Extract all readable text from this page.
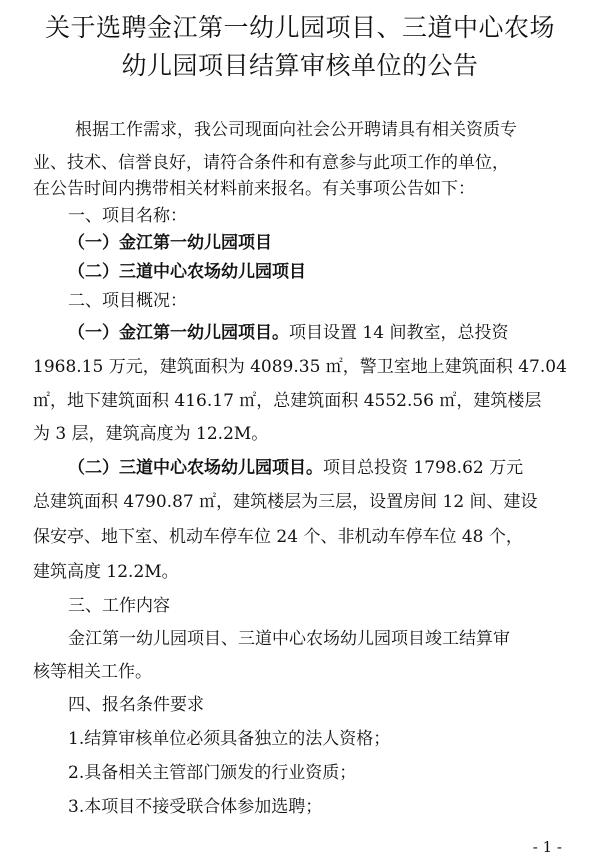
关于选聘金江第一幼儿园项目、三道中心农场
幼儿园项目结算审核单位的公告
根据工作需求，我公司现面向社会公开聘请具有相关资质专
业、技术、信誉良好，请符合条件和有意参与此项工作的单位，
在公告时间内携带相关材料前来报名。有关事项公告如下：
一、项目名称：
（一）金江第一幼儿园项目
（二）三道中心农场幼儿园项目
二、项目概况：
（一）金江第一幼儿园项目。项目设置 14 间教室，总投资
1968.15 万元，建筑面积为 4089.35 ㎡，警卫室地上建筑面积 47.04
㎡，地下建筑面积 416.17 ㎡，总建筑面积 4552.56 ㎡，建筑楼层
为 3 层，建筑高度为 12.2M。
（二）三道中心农场幼儿园项目。项目总投资 1798.62 万元
总建筑面积 4790.87 ㎡，建筑楼层为三层，设置房间 12 间、建设
保安亭、地下室、机动车停车位 24 个、非机动车停车位 48 个，
建筑高度 12.2M。
三、工作内容
金江第一幼儿园项目、三道中心农场幼儿园项目竣工结算审
核等相关工作。
四、报名条件要求
1.结算审核单位必须具备独立的法人资格；
2.具备相关主管部门颁发的行业资质；
3.本项目不接受联合体参加选聘；
- 1 -
